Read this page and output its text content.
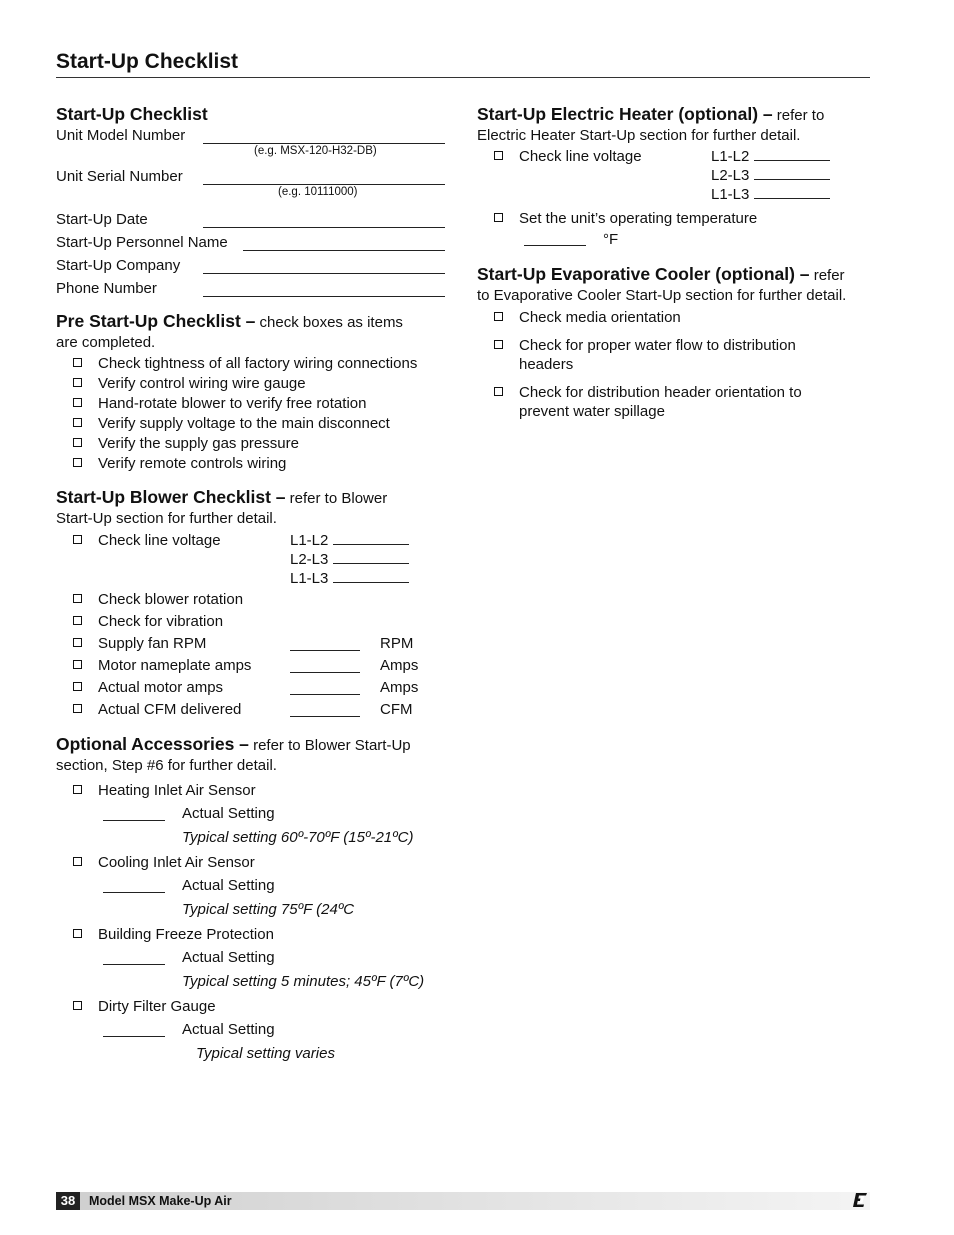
Start-Up Checklist

Start-Up Checklist

Unit Model Number
(e.g. MSX-120-H32-DB)
Unit Serial Number
(e.g. 10111000)
Start-Up Date
Start-Up Personnel Name
Start-Up Company
Phone Number

Pre Start-Up Checklist – check boxes as items

are completed.

Check tightness of all factory wiring connections
Verify control wiring wire gauge
Hand-rotate blower to verify free rotation
Verify supply voltage to the main disconnect
Verify the supply gas pressure
Verify remote controls wiring

Start-Up Blower Checklist – refer to Blower

Start-Up section for further detail.

Check line voltage	L1-L2
L2-L3
L1-L3
Check blower rotation
Check for vibration
Supply fan RPM	RPM
Motor nameplate amps	Amps
Actual motor amps	Amps
Actual CFM delivered	CFM

Optional Accessories – refer to Blower Start-Up

section, Step #6 for further detail.

Heating Inlet Air Sensor
Actual Setting
Typical setting 60º-70ºF (15º-21ºC)
Cooling Inlet Air Sensor
Actual Setting
Typical setting 75ºF (24ºC
Building Freeze Protection
Actual Setting
Typical setting 5 minutes; 45ºF (7ºC)
Dirty Filter Gauge
Actual Setting
Typical setting varies

Start-Up Electric Heater (optional) – refer to

Electric Heater Start-Up section for further detail.

Check line voltage	L1-L2
L2-L3
L1-L3
Set the unit’s operating temperature
°F

Start-Up Evaporative Cooler (optional) – refer

to Evaporative Cooler Start-Up section for further detail.

Check media orientation
Check for proper water flow to distribution headers
Check for distribution header orientation to prevent water spillage
38	Model MSX Make-Up Air
